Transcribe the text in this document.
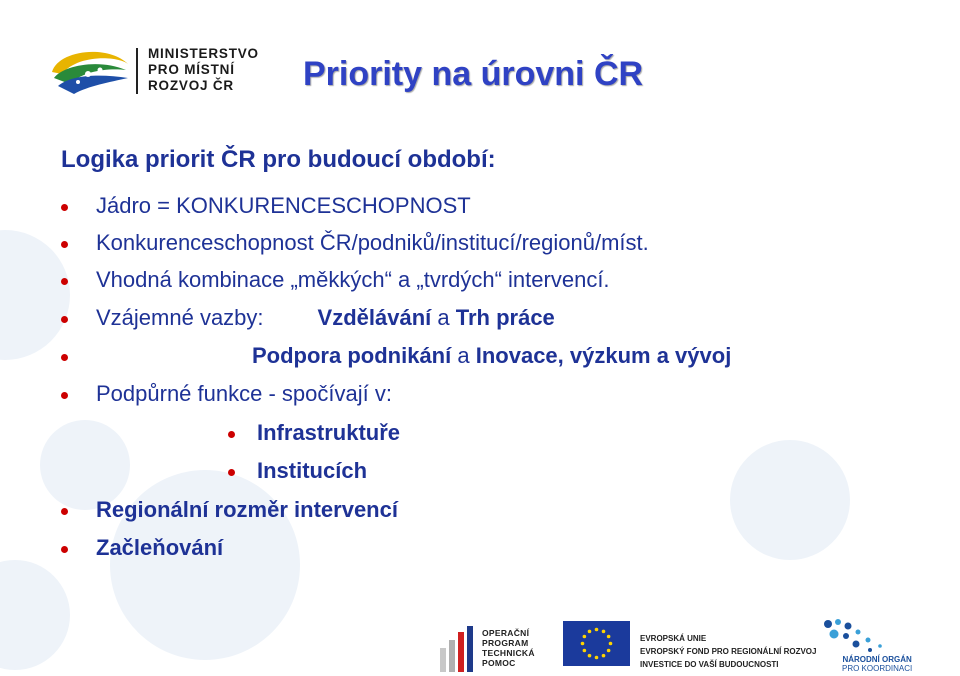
MINISTERSTVO
PRO MÍSTNÍ
ROZVOJ ČR	Priority na úrovni ČR
Logika priorit ČR pro budoucí období:
Jádro = KONKURENCESCHOPNOST
Konkurenceschopnost ČR/podniků/institucí/regionů/míst.
Vhodná kombinace „měkkých“ a „tvrdých“ intervencí.
Vzájemné vazby: Vzdělávání a Trh práce
Podpora podnikání a Inovace, výzkum a vývoj
Podpůrné funkce - spočívají v:
Infrastruktuře
Institucích
Regionální rozměr intervencí
Začleňování
OPERAČNÍ
PROGRAM
TECHNICKÁ
POMOC
EVROPSKÁ UNIE
EVROPSKÝ FOND PRO REGIONÁLNÍ ROZVOJ
INVESTICE DO VAŠÍ BUDOUCNOSTI
NÁRODNÍ ORGÁN
PRO KOORDINACI
